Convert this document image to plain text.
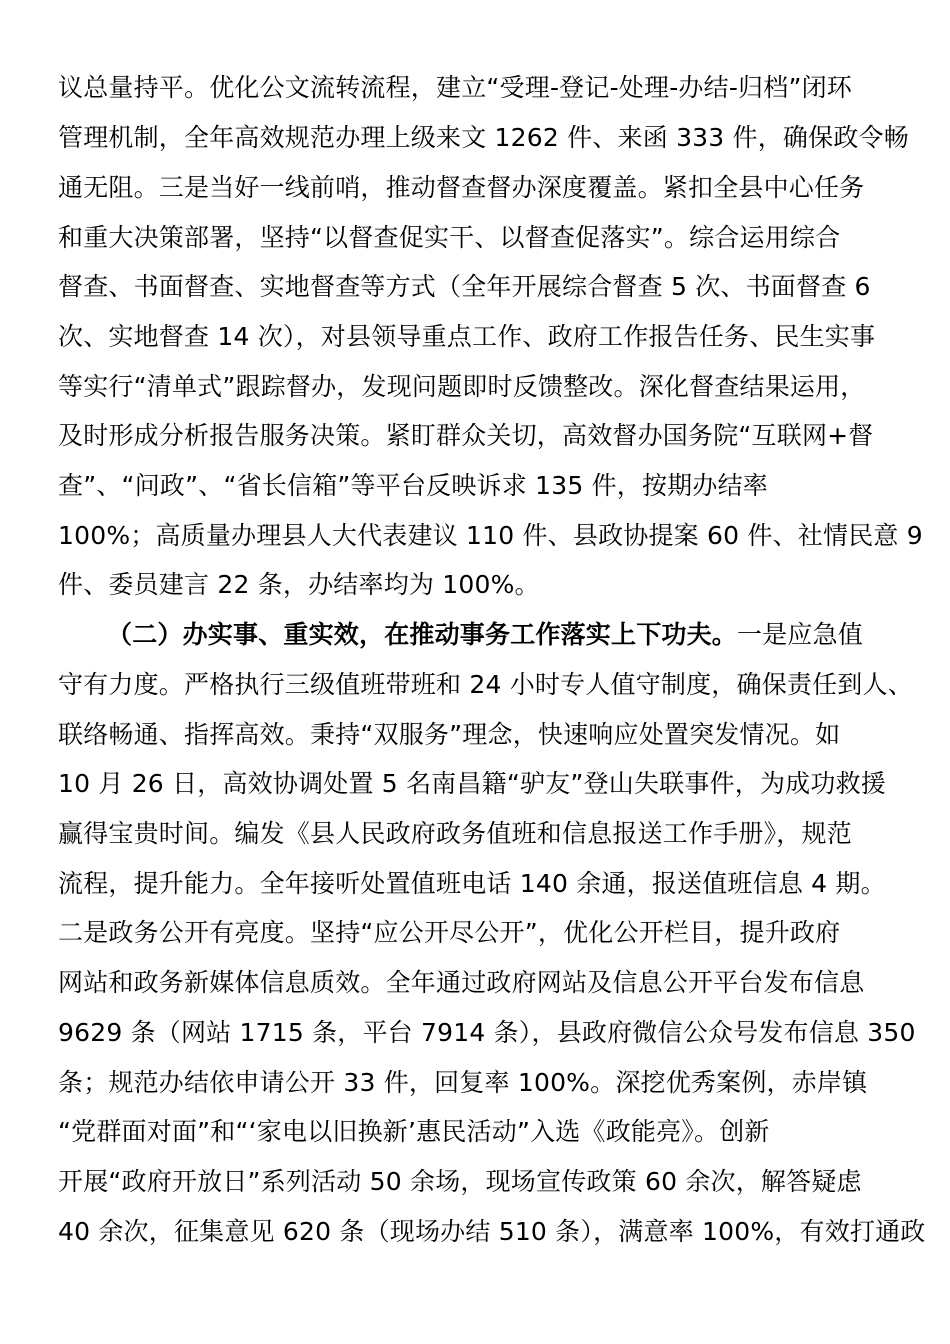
议总量持平。优化公文流转流程，建立“受理-登记-处理-办结-归档”闭环
管理机制，全年高效规范办理上级来文 1262 件、来函 333 件，确保政令畅
通无阻。三是当好一线前哨，推动督查督办深度覆盖。紧扣全县中心任务
和重大决策部署，坚持“以督查促实干、以督查促落实”。综合运用综合
督查、书面督查、实地督查等方式（全年开展综合督查 5 次、书面督查 6
次、实地督查 14 次），对县领导重点工作、政府工作报告任务、民生实事
等实行“清单式”跟踪督办，发现问题即时反馈整改。深化督查结果运用，
及时形成分析报告服务决策。紧盯群众关切，高效督办国务院“互联网+督
查”、“问政”、“省长信箱”等平台反映诉求 135 件，按期办结率
100%；高质量办理县人大代表建议 110 件、县政协提案 60 件、社情民意 9
件、委员建言 22 条，办结率均为 100%。
（二）办实事、重实效，在推动事务工作落实上下功夫。一是应急值
守有力度。严格执行三级值班带班和 24 小时专人值守制度，确保责任到人、
联络畅通、指挥高效。秉持“双服务”理念，快速响应处置突发情况。如
10 月 26 日，高效协调处置 5 名南昌籍“驴友”登山失联事件，为成功救援
赢得宝贵时间。编发《县人民政府政务值班和信息报送工作手册》，规范
流程，提升能力。全年接听处置值班电话 140 余通，报送值班信息 4 期。
二是政务公开有亮度。坚持“应公开尽公开”，优化公开栏目，提升政府
网站和政务新媒体信息质效。全年通过政府网站及信息公开平台发布信息
9629 条（网站 1715 条，平台 7914 条），县政府微信公众号发布信息 350
条；规范办结依申请公开 33 件，回复率 100%。深挖优秀案例，赤岸镇
“党群面对面”和“‘家电以旧换新’惠民活动”入选《政能亮》。创新
开展“政府开放日”系列活动 50 余场，现场宣传政策 60 余次，解答疑虑
40 余次，征集意见 620 条（现场办结 510 条），满意率 100%，有效打通政
